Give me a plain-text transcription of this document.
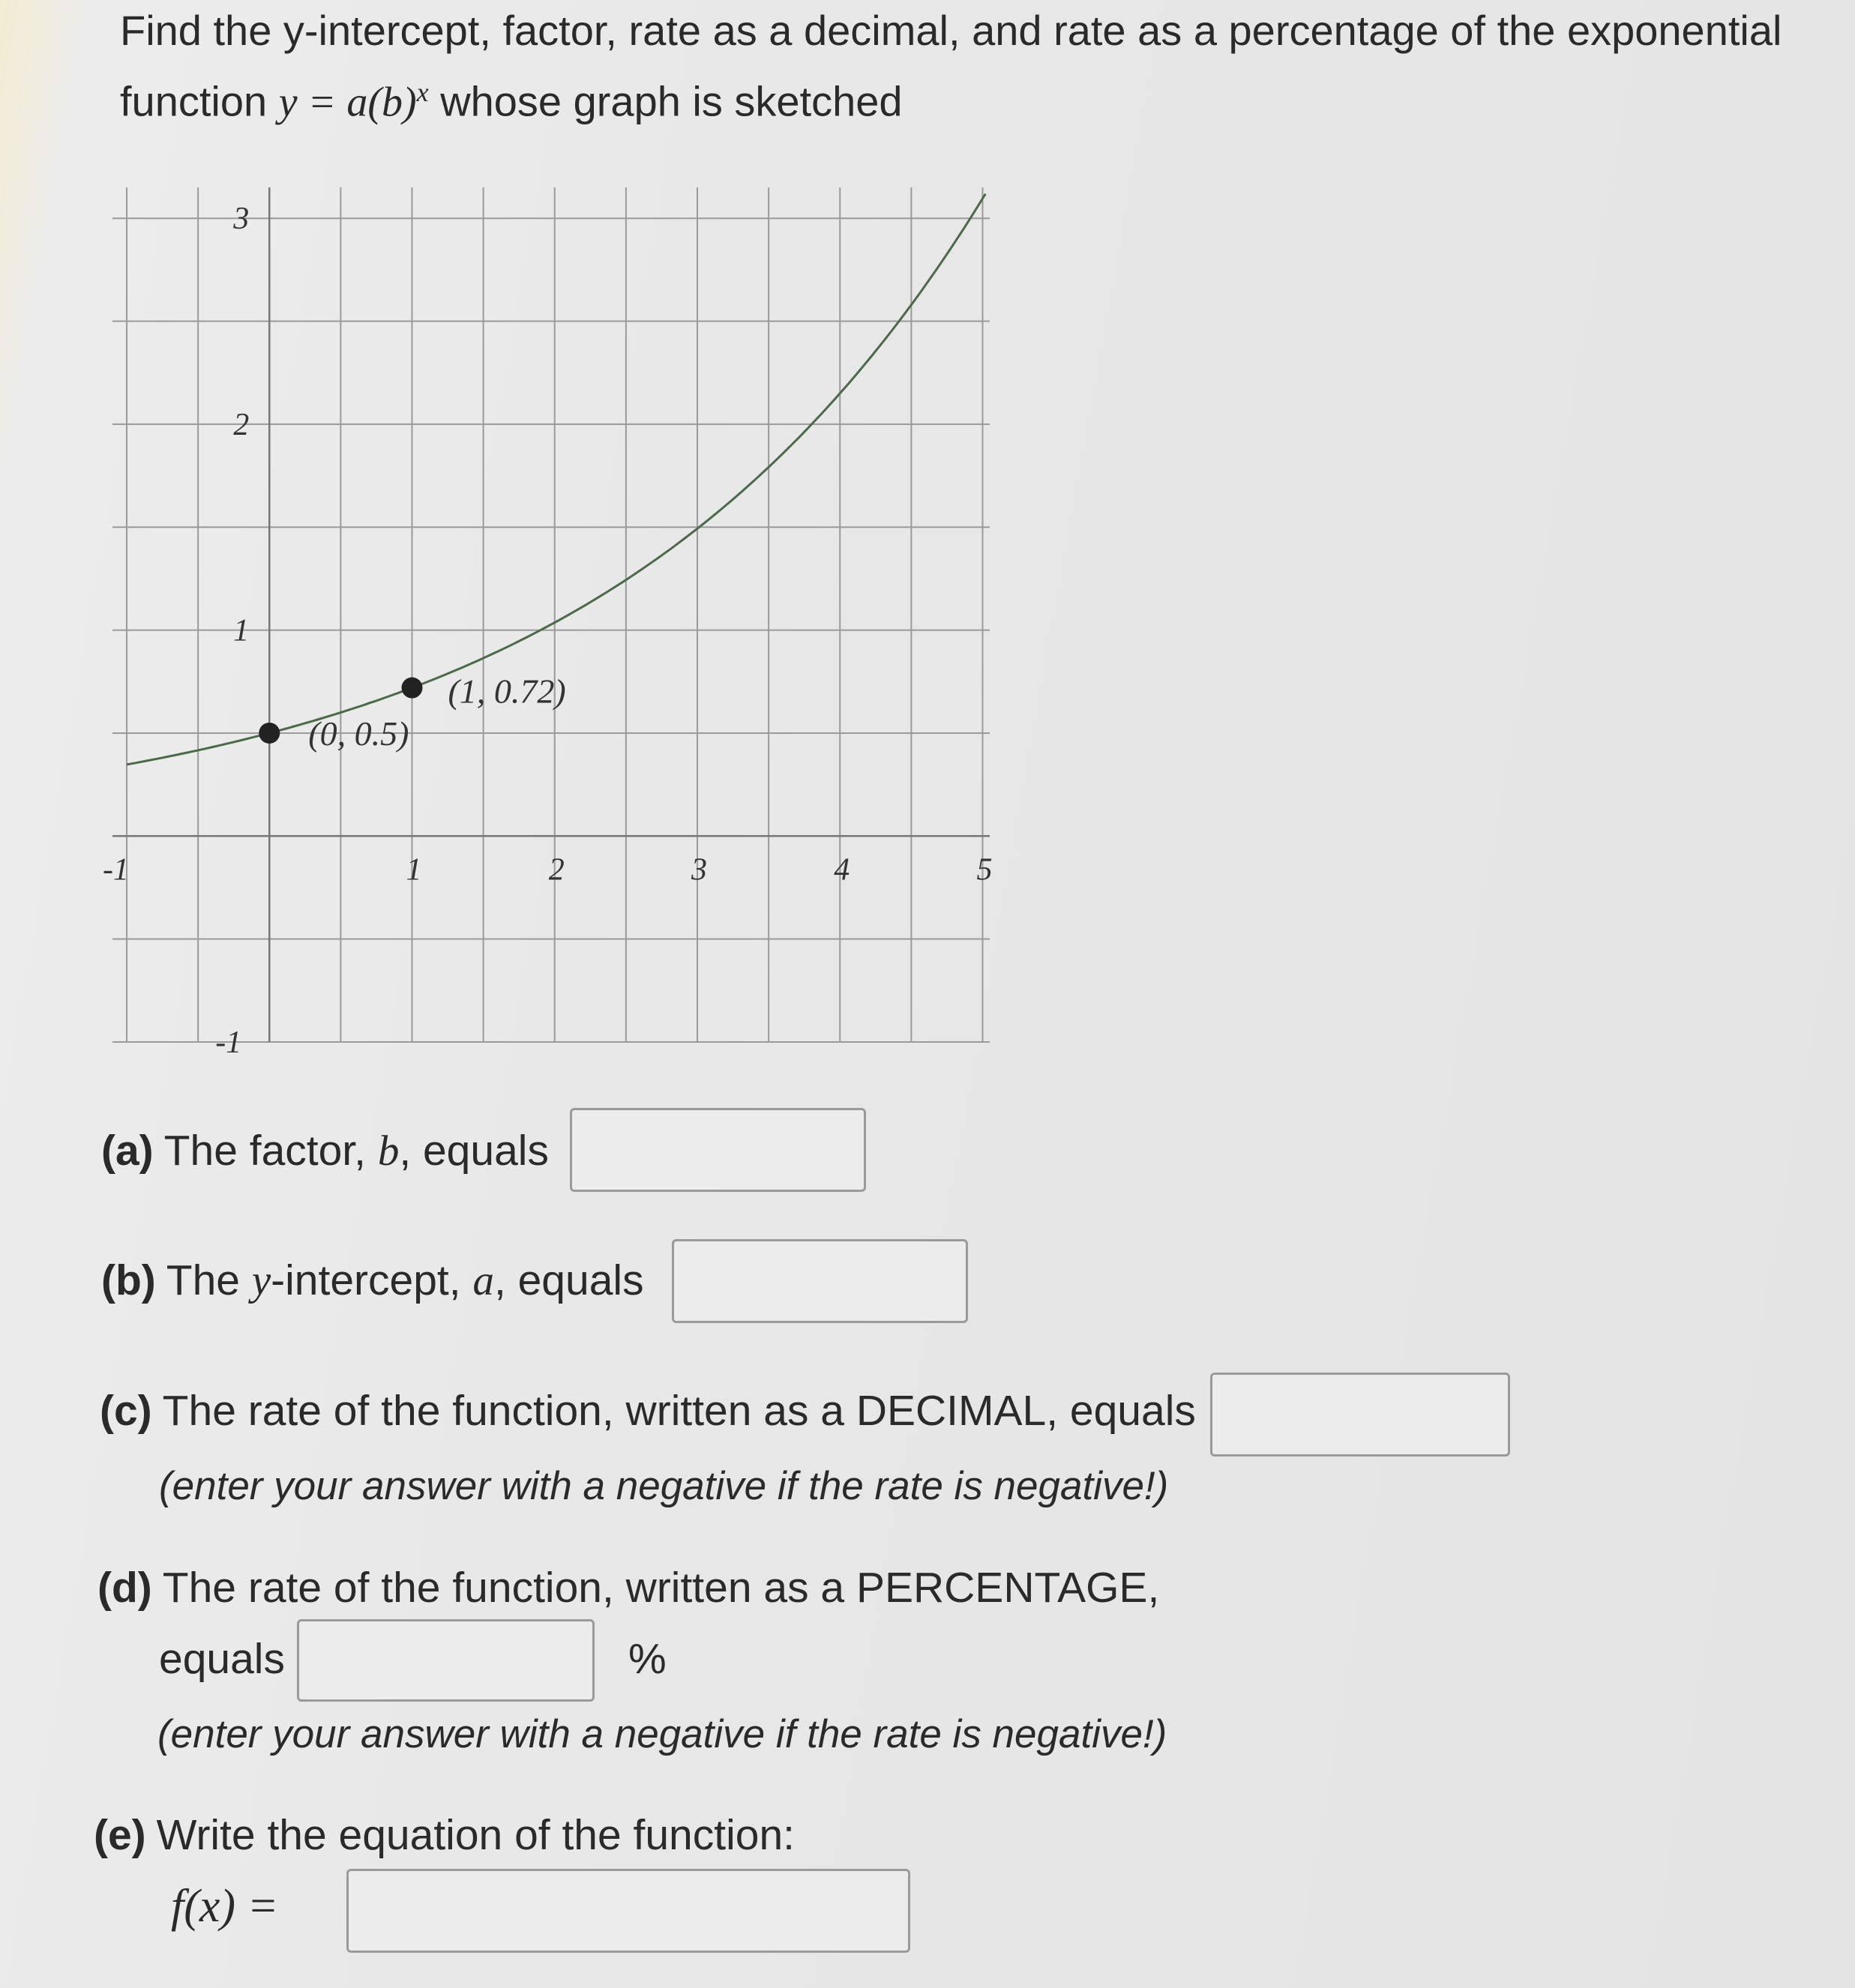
Find the y-intercept, factor, rate as a decimal, and rate as a percentage of the exponential
function $y = a(b)^x$ whose graph is sketched
-1	1	2	3	4	5
3
2
1
-1
(0, 0.5)
(1, 0.72)
(a) The factor, b, equals
(b) The y-intercept, a, equals
(c) The rate of the function, written as a DECIMAL, equals
(enter your answer with a negative if the rate is negative!)
(d) The rate of the function, written as a PERCENTAGE,
equals	%
(enter your answer with a negative if the rate is negative!)
(e) Write the equation of the function:
f(x) =
